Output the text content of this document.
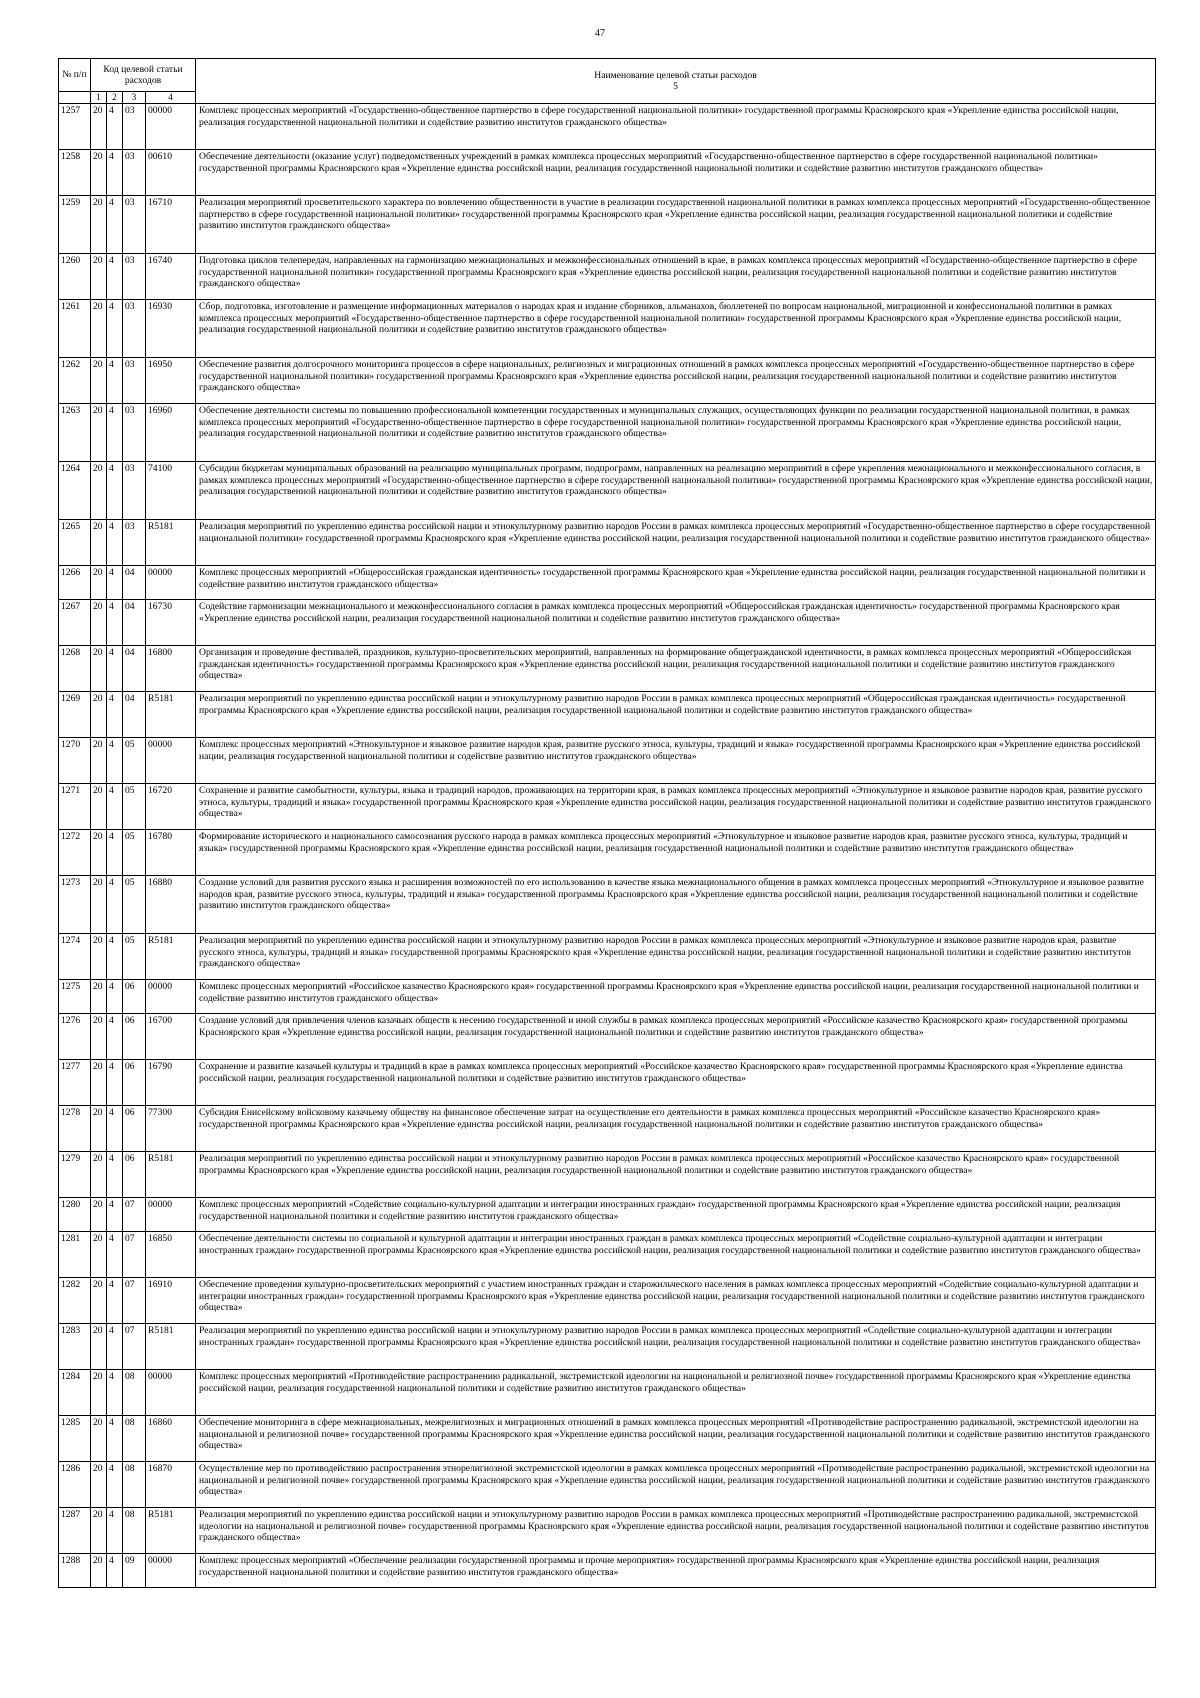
47
№ п/п	Код целевой статьи расходов				Наименование целевой статьи расходов
5
	1	2	3	4	
1257	20	4	03	00000	Комплекс процессных мероприятий «Государственно-общественное партнерство в сфере государственной национальной политики» государственной программы Красноярского края «Укрепление единства российской нации, реализация государственной национальной политики и содействие развитию институтов гражданского общества»
1258	20	4	03	00610	Обеспечение деятельности (оказание услуг) подведомственных учреждений в рамках комплекса процессных мероприятий «Государственно-общественное партнерство в сфере государственной национальной политики» государственной программы Красноярского края «Укрепление единства российской нации, реализация государственной национальной политики и содействие развитию институтов гражданского общества»
1259	20	4	03	16710	Реализация мероприятий просветительского характера по вовлечению общественности в участие в реализации государственной национальной политики в рамках комплекса процессных мероприятий «Государственно-общественное партнерство в сфере государственной национальной политики» государственной программы Красноярского края «Укрепление единства российской нации, реализация государственной национальной политики и содействие развитию институтов гражданского общества»
1260	20	4	03	16740	Подготовка циклов телепередач, направленных на гармонизацию межнациональных и межконфессиональных отношений в крае, в рамках комплекса процессных мероприятий «Государственно-общественное партнерство в сфере государственной национальной политики» государственной программы Красноярского края «Укрепление единства российской нации, реализация государственной национальной политики и содействие развитию институтов гражданского общества»
1261	20	4	03	16930	Сбор, подготовка, изготовление и размещение информационных материалов о народах края и издание сборников, альманахов, бюллетеней по вопросам национальной, миграционной и конфессиональной политики в рамках комплекса процессных мероприятий «Государственно-общественное партнерство в сфере государственной национальной политики» государственной программы Красноярского края «Укрепление единства российской нации, реализация государственной национальной политики и содействие развитию институтов гражданского общества»
1262	20	4	03	16950	Обеспечение развития долгосрочного мониторинга процессов в сфере национальных, религиозных и миграционных отношений в рамках комплекса процессных мероприятий «Государственно-общественное партнерство в сфере государственной национальной политики» государственной программы Красноярского края «Укрепление единства российской нации, реализация государственной национальной политики и содействие развитию институтов гражданского общества»
1263	20	4	03	16960	Обеспечение деятельности системы по повышению профессиональной компетенции государственных и муниципальных служащих, осуществляющих функции по реализации государственной национальной политики, в рамках комплекса процессных мероприятий «Государственно-общественное партнерство в сфере государственной национальной политики» государственной программы Красноярского края «Укрепление единства российской нации, реализация государственной национальной политики и содействие развитию институтов гражданского общества»
1264	20	4	03	74100	Субсидии бюджетам муниципальных образований на реализацию муниципальных программ, подпрограмм, направленных на реализацию мероприятий в сфере укрепления межнационального и межконфессионального согласия, в рамках комплекса процессных мероприятий «Государственно-общественное партнерство в сфере государственной национальной политики» государственной программы Красноярского края «Укрепление единства российской нации, реализация государственной национальной политики и содействие развитию институтов гражданского общества»
1265	20	4	03	R5181	Реализация мероприятий по укреплению единства российской нации и этнокультурному развитию народов России в рамках комплекса процессных мероприятий «Государственно-общественное партнерство в сфере государственной национальной политики» государственной программы Красноярского края «Укрепление единства российской нации, реализация государственной национальной политики и содействие развитию институтов гражданского общества»
1266	20	4	04	00000	Комплекс процессных мероприятий «Общероссийская гражданская идентичность» государственной программы Красноярского края «Укрепление единства российской нации, реализация государственной национальной политики и содействие развитию институтов гражданского общества»
1267	20	4	04	16730	Содействие гармонизации межнационального и межконфессионального согласия в рамках комплекса процессных мероприятий «Общероссийская гражданская идентичность» государственной программы Красноярского края «Укрепление единства российской нации, реализация государственной национальной политики и содействие развитию институтов гражданского общества»
1268	20	4	04	16800	Организация и проведение фестивалей, праздников, культурно-просветительских мероприятий, направленных на формирование общегражданской идентичности, в рамках комплекса процессных мероприятий «Общероссийская гражданская идентичность» государственной программы Красноярского края «Укрепление единства российской нации, реализация государственной национальной политики и содействие развитию институтов гражданского общества»
1269	20	4	04	R5181	Реализация мероприятий по укреплению единства российской нации и этнокультурному развитию народов России в рамках комплекса процессных мероприятий «Общероссийская гражданская идентичность» государственной программы Красноярского края «Укрепление единства российской нации, реализация государственной национальной политики и содействие развитию институтов гражданского общества»
1270	20	4	05	00000	Комплекс процессных мероприятий «Этнокультурное и языковое развитие народов края, развитие русского этноса, культуры, традиций и языка» государственной программы Красноярского края «Укрепление единства российской нации, реализация государственной национальной политики и содействие развитию институтов гражданского общества»
1271	20	4	05	16720	Сохранение и развитие самобытности, культуры, языка и традиций народов, проживающих на территории края, в рамках комплекса процессных мероприятий «Этнокультурное и языковое развитие народов края, развитие русского этноса, культуры, традиций и языка» государственной программы Красноярского края «Укрепление единства российской нации, реализация государственной национальной политики и содействие развитию институтов гражданского общества»
1272	20	4	05	16780	Формирование исторического и национального самосознания русского народа в рамках комплекса процессных мероприятий «Этнокультурное и языковое развитие народов края, развитие русского этноса, культуры, традиций и языка» государственной программы Красноярского края «Укрепление единства российской нации, реализация государственной национальной политики и содействие развитию институтов гражданского общества»
1273	20	4	05	16880	Создание условий для развития русского языка и расширения возможностей по его использованию в качестве языка межнационального общения в рамках комплекса процессных мероприятий «Этнокультурное и языковое развитие народов края, развитие русского этноса, культуры, традиций и языка» государственной программы Красноярского края «Укрепление единства российской нации, реализация государственной национальной политики и содействие развитию институтов гражданского общества»
1274	20	4	05	R5181	Реализация мероприятий по укреплению единства российской нации и этнокультурному развитию народов России в рамках комплекса процессных мероприятий «Этнокультурное и языковое развитие народов края, развитие русского этноса, культуры, традиций и языка» государственной программы Красноярского края «Укрепление единства российской нации, реализация государственной национальной политики и содействие развитию институтов гражданского общества»
1275	20	4	06	00000	Комплекс процессных мероприятий «Российское казачество Красноярского края» государственной программы Красноярского края «Укрепление единства российской нации, реализация государственной национальной политики и содействие развитию институтов гражданского общества»
1276	20	4	06	16700	Создание условий для привлечения членов казачьих обществ к несению государственной и иной службы в рамках комплекса процессных мероприятий «Российское казачество Красноярского края» государственной программы Красноярского края «Укрепление единства российской нации, реализация государственной национальной политики и содействие развитию институтов гражданского общества»
1277	20	4	06	16790	Сохранение и развитие казачьей культуры и традиций в крае в рамках комплекса процессных мероприятий «Российское казачество Красноярского края» государственной программы Красноярского края «Укрепление единства российской нации, реализация государственной национальной политики и содействие развитию институтов гражданского общества»
1278	20	4	06	77300	Субсидия Енисейскому войсковому казачьему обществу на финансовое обеспечение затрат на осуществление его деятельности в рамках комплекса процессных мероприятий «Российское казачество Красноярского края» государственной программы Красноярского края «Укрепление единства российской нации, реализация государственной национальной политики и содействие развитию институтов гражданского общества»
1279	20	4	06	R5181	Реализация мероприятий по укреплению единства российской нации и этнокультурному развитию народов России в рамках комплекса процессных мероприятий «Российское казачество Красноярского края» государственной программы Красноярского края «Укрепление единства российской нации, реализация государственной национальной политики и содействие развитию институтов гражданского общества»
1280	20	4	07	00000	Комплекс процессных мероприятий «Содействие социально-культурной адаптации и интеграции иностранных граждан» государственной программы Красноярского края «Укрепление единства российской нации, реализация государственной национальной политики и содействие развитию институтов гражданского общества»
1281	20	4	07	16850	Обеспечение деятельности системы по социальной и культурной адаптации и интеграции иностранных граждан в рамках комплекса процессных мероприятий «Содействие социально-культурной адаптации и интеграции иностранных граждан» государственной программы Красноярского края «Укрепление единства российской нации, реализация государственной национальной политики и содействие развитию институтов гражданского общества»
1282	20	4	07	16910	Обеспечение проведения культурно-просветительских мероприятий с участием иностранных граждан и старожильческого населения в рамках комплекса процессных мероприятий «Содействие социально-культурной адаптации и интеграции иностранных граждан» государственной программы Красноярского края «Укрепление единства российской нации, реализация государственной национальной политики и содействие развитию институтов гражданского общества»
1283	20	4	07	R5181	Реализация мероприятий по укреплению единства российской нации и этнокультурному развитию народов России в рамках комплекса процессных мероприятий «Содействие социально-культурной адаптации и интеграции иностранных граждан» государственной программы Красноярского края «Укрепление единства российской нации, реализация государственной национальной политики и содействие развитию институтов гражданского общества»
1284	20	4	08	00000	Комплекс процессных мероприятий «Противодействие распространению радикальной, экстремистской идеологии на национальной и религиозной почве» государственной программы Красноярского края «Укрепление единства российской нации, реализация государственной национальной политики и содействие развитию институтов гражданского общества»
1285	20	4	08	16860	Обеспечение мониторинга в сфере межнациональных, межрелигиозных и миграционных отношений в рамках комплекса процессных мероприятий «Противодействие распространению радикальной, экстремистской идеологии на национальной и религиозной почве» государственной программы Красноярского края «Укрепление единства российской нации, реализация государственной национальной политики и содействие развитию институтов гражданского общества»
1286	20	4	08	16870	Осуществление мер по противодействию распространения этнорелигиозной экстремистской идеологии в рамках комплекса процессных мероприятий «Противодействие распространению радикальной, экстремистской идеологии на национальной и религиозной почве» государственной программы Красноярского края «Укрепление единства российской нации, реализация государственной национальной политики и содействие развитию институтов гражданского общества»
1287	20	4	08	R5181	Реализация мероприятий по укреплению единства российской нации и этнокультурному развитию народов России в рамках комплекса процессных мероприятий «Противодействие распространению радикальной, экстремистской идеологии на национальной и религиозной почве» государственной программы Красноярского края «Укрепление единства российской нации, реализация государственной национальной политики и содействие развитию институтов гражданского общества»
1288	20	4	09	00000	Комплекс процессных мероприятий «Обеспечение реализации государственной программы и прочие мероприятия» государственной программы Красноярского края «Укрепление единства российской нации, реализация государственной национальной политики и содействие развитию институтов гражданского общества»
